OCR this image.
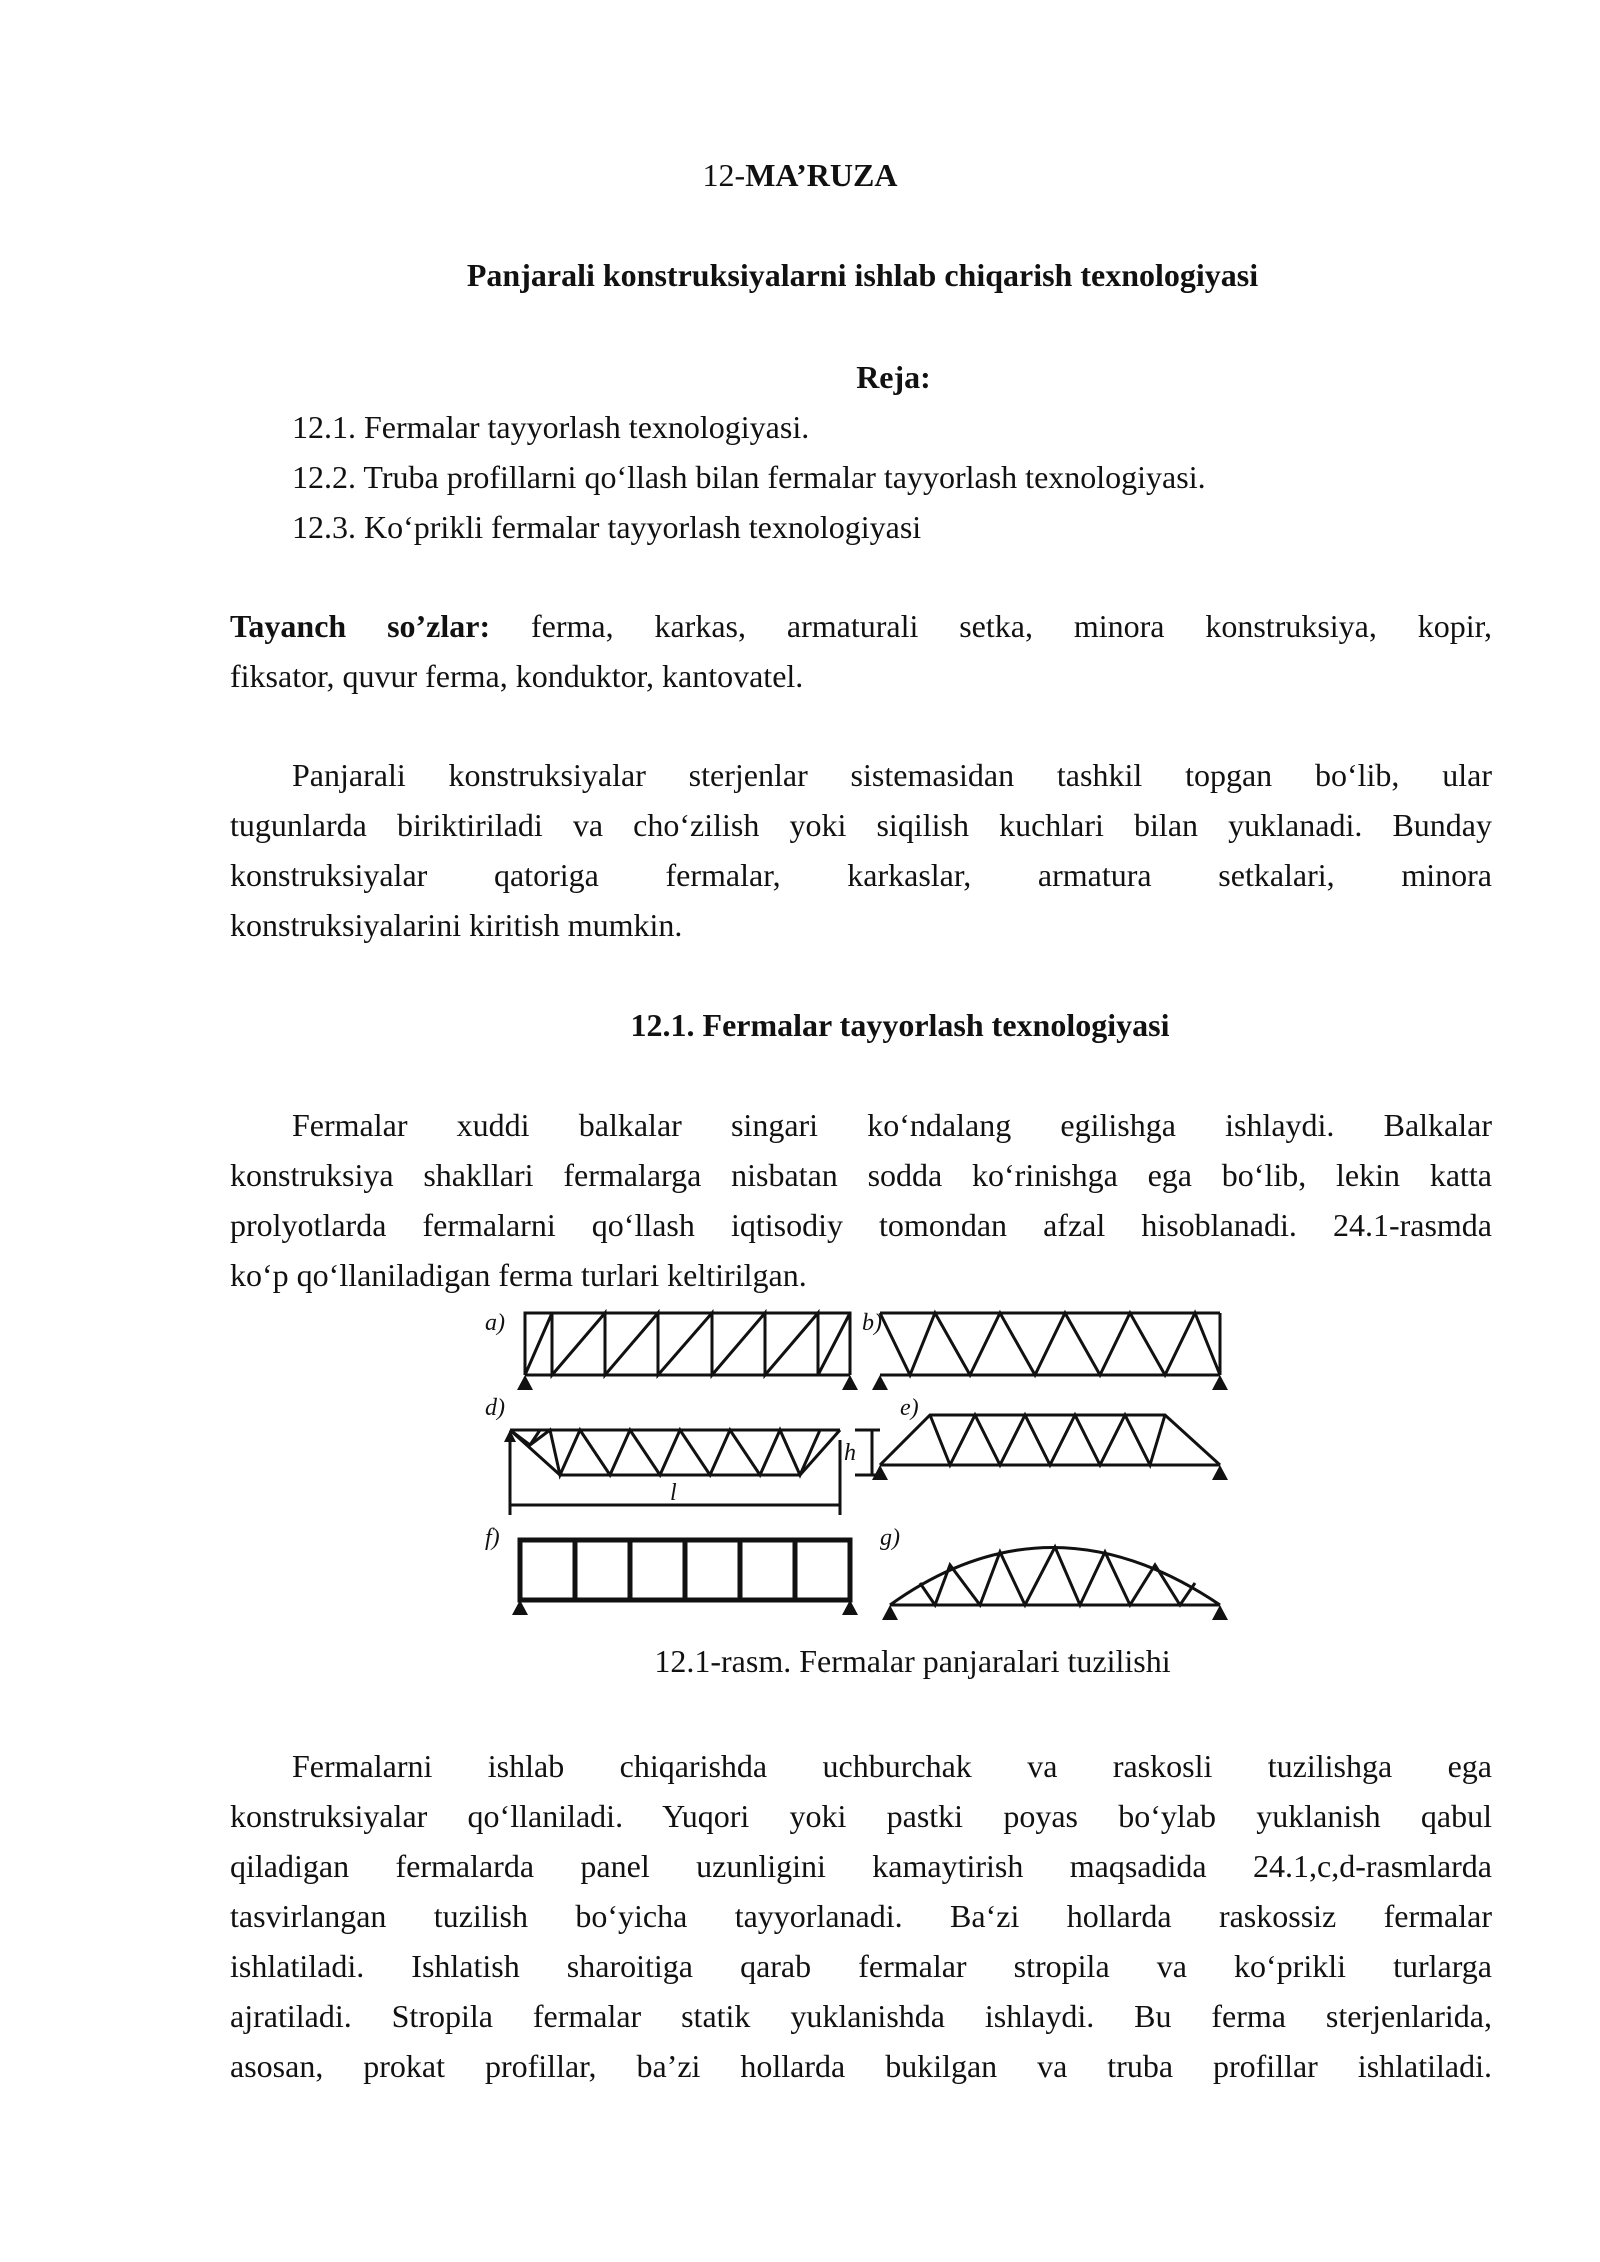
12-MA’RUZA
Panjarali konstruksiyalarni ishlab chiqarish texnologiyasi
Reja:
12.1. Fermalar tayyorlash texnologiyasi.
12.2. Truba profillarni qo‘llash bilan fermalar tayyorlash texnologiyasi.
12.3. Ko‘prikli fermalar tayyorlash texnologiyasi
Tayanch so’zlar: ferma, karkas, armaturali setka, minora konstruksiya, kopir,
fiksator, quvur ferma, konduktor, kantovatel.
Panjarali konstruksiyalar sterjenlar sistemasidan tashkil topgan bo‘lib, ular
tugunlarda biriktiriladi va cho‘zilish yoki siqilish kuchlari bilan yuklanadi. Bunday
konstruksiyalar qatoriga fermalar, karkaslar, armatura setkalari, minora
konstruksiyalarini kiritish mumkin.
12.1. Fermalar tayyorlash texnologiyasi
Fermalar xuddi balkalar singari ko‘ndalang egilishga ishlaydi. Balkalar
konstruksiya shakllari fermalarga nisbatan sodda ko‘rinishga ega bo‘lib, lekin katta
prolyotlarda fermalarni qo‘llash iqtisodiy tomondan afzal hisoblanadi. 24.1-rasmda
ko‘p qo‘llaniladigan ferma turlari keltirilgan.
a)	b)
d)
h
l
e)
f)	g)
12.1-rasm. Fermalar panjaralari tuzilishi
Fermalarni ishlab chiqarishda uchburchak va raskosli tuzilishga ega
konstruksiyalar qo‘llaniladi. Yuqori yoki pastki poyas bo‘ylab yuklanish qabul
qiladigan fermalarda panel uzunligini kamaytirish maqsadida 24.1,c,d-rasmlarda
tasvirlangan tuzilish bo‘yicha tayyorlanadi. Ba‘zi hollarda raskossiz fermalar
ishlatiladi. Ishlatish sharoitiga qarab fermalar stropila va ko‘prikli turlarga
ajratiladi. Stropila fermalar statik yuklanishda ishlaydi. Bu ferma sterjenlarida,
asosan, prokat profillar, ba’zi hollarda bukilgan va truba profillar ishlatiladi.
